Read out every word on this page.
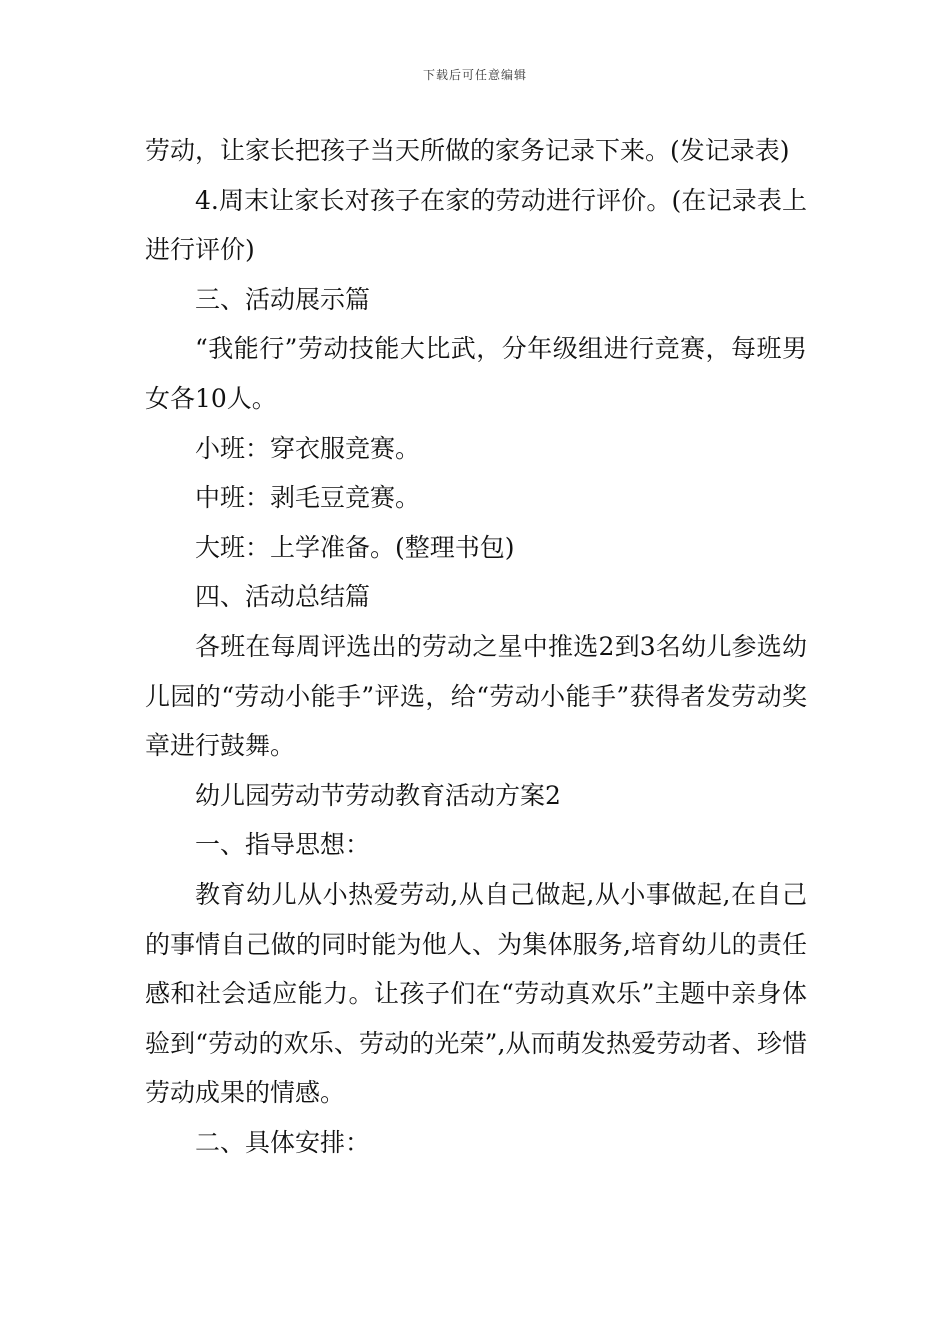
下载后可任意编辑

劳动，让家长把孩子当天所做的家务记录下来。(发记录表)

4.周末让家长对孩子在家的劳动进行评价。(在记录表上进行评价)

三、活动展示篇

“我能行”劳动技能大比武，分年级组进行竞赛，每班男女各10人。

小班：穿衣服竞赛。

中班：剥毛豆竞赛。

大班：上学准备。(整理书包)

四、活动总结篇

各班在每周评选出的劳动之星中推选2到3名幼儿参选幼儿园的“劳动小能手”评选，给“劳动小能手”获得者发劳动奖章进行鼓舞。

幼儿园劳动节劳动教育活动方案2

一、指导思想：

教育幼儿从小热爱劳动,从自己做起,从小事做起,在自己的事情自己做的同时能为他人、为集体服务,培育幼儿的责任感和社会适应能力。让孩子们在“劳动真欢乐”主题中亲身体验到“劳动的欢乐、劳动的光荣”,从而萌发热爱劳动者、珍惜劳动成果的情感。

二、具体安排：
